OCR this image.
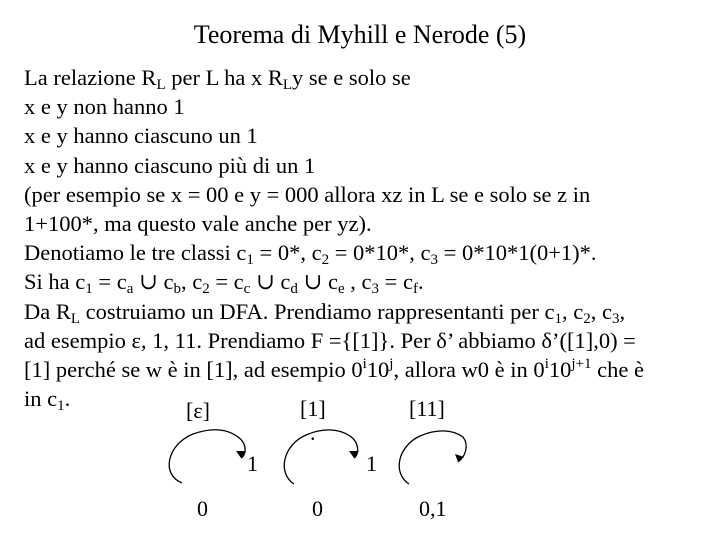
Teorema di Myhill e Nerode (5)
La relazione $R_L$ per L ha x $R_Ly$ se e solo se
x e y non hanno 1
x e y hanno ciascuno un 1
x e y hanno ciascuno più di un 1
(per esempio se x = 00 e y = 000 allora xz in L se e solo se z in
1+100*, ma questo vale anche per yz).
Denotiamo le tre classi $c_1 = 0*$, $c_2 = 0*10*$, $c_3 = 0*10*1(0+1)*$.
Si ha $c_1 = c_a$ ∪ $c_b$, $c_2 = c_c$ ∪ $c_d$ ∪ $c_e$ , $c_3 = c_f$.
Da $R_L$ costruiamo un DFA. Prendiamo rappresentanti per $c_1$, $c_2$, $c_3$,
ad esempio ε, 1, 11. Prendiamo F ={[1]}. Per δ’ abbiamo δ’([1],0) =
[1] perché se w è in [1], ad esempio 0$^i$10$^j$, allora w0 è in $0^i10^{j+1}$ che è
in $c_1$.	[ε]	[1]	[11]
.
1	1
0	0	0,1
